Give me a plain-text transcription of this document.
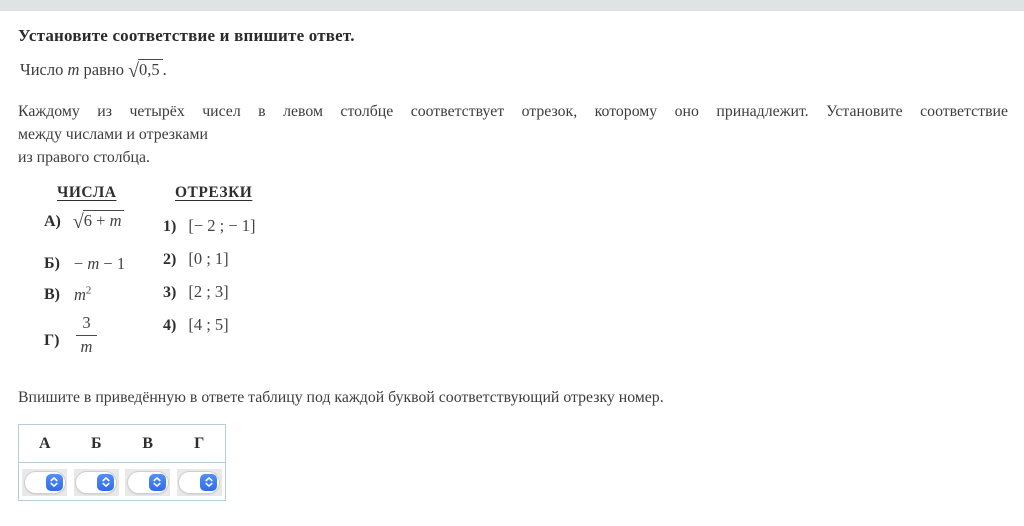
Установите соответствие и впишите ответ.
Число m равно √0,5 .
Каждому из четырёх чисел в левом столбце соответствует отрезок, которому оно принадлежит. Установите соответствие
между числами и отрезками
из правого столбца.
ЧИСЛА	ОТРЕЗКИ
А) √6 + m
Б) − m − 1
В) $m^2$
$Г) \frac{3}{m}$
1) [− 2 ; − 1]
2) [0 ; 1]
3) [2 ; 3]
4) [4 ; 5]
Впишите в приведённую в ответе таблицу под каждой буквой соответствующий отрезку номер.
А	Б	В	Г
